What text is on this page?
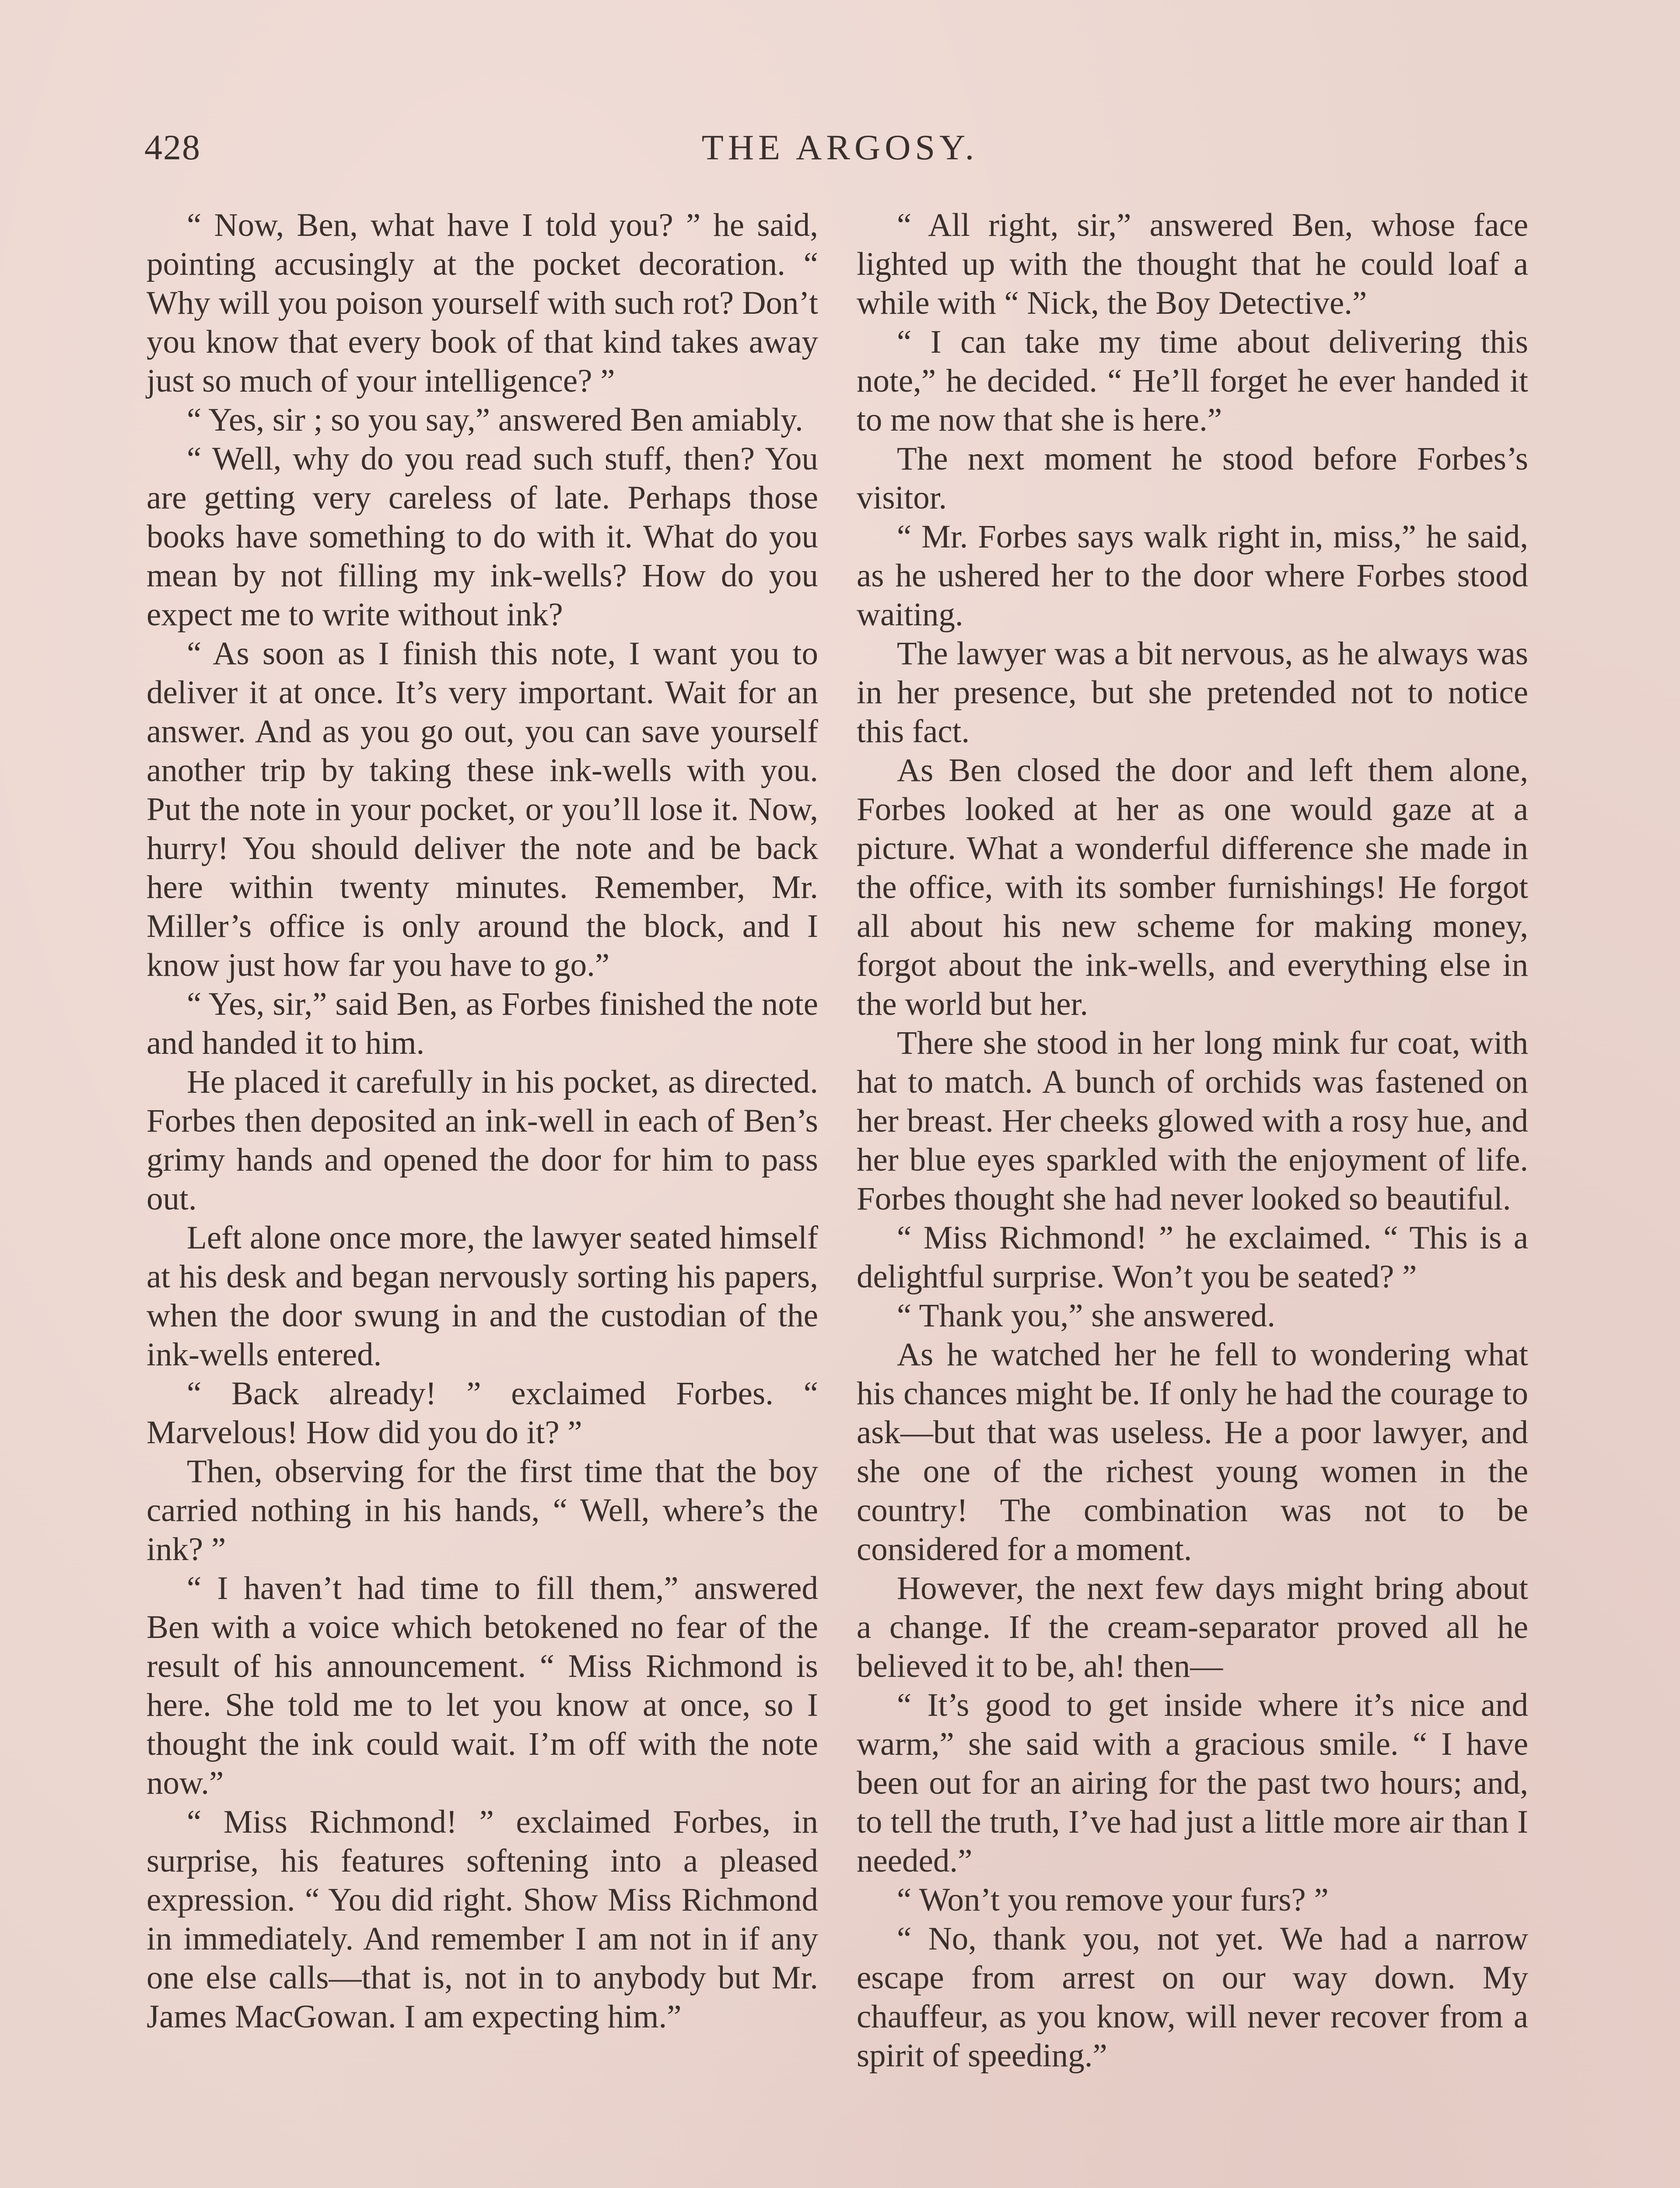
428	THE ARGOSY.

“ Now, Ben, what have I told you? ” he said, pointing accusingly at the pocket decoration. “ Why will you poison yourself with such rot? Don’t you know that every book of that kind takes away just so much of your intelligence? ”

“ Yes, sir ; so you say,” answered Ben amiably.

“ Well, why do you read such stuff, then? You are getting very careless of late. Perhaps those books have something to do with it. What do you mean by not filling my ink-wells? How do you expect me to write without ink?

“ As soon as I finish this note, I want you to deliver it at once. It’s very important. Wait for an answer. And as you go out, you can save yourself another trip by taking these ink-wells with you. Put the note in your pocket, or you’ll lose it. Now, hurry! You should deliver the note and be back here within twenty minutes. Remember, Mr. Miller’s office is only around the block, and I know just how far you have to go.”

“ Yes, sir,” said Ben, as Forbes finished the note and handed it to him.

He placed it carefully in his pocket, as directed. Forbes then deposited an ink-well in each of Ben’s grimy hands and opened the door for him to pass out.

Left alone once more, the lawyer seated himself at his desk and began nervously sorting his papers, when the door swung in and the custodian of the ink-wells entered.

“ Back already! ” exclaimed Forbes. “ Marvelous! How did you do it? ”

Then, observing for the first time that the boy carried nothing in his hands, “ Well, where’s the ink? ”

“ I haven’t had time to fill them,” answered Ben with a voice which betokened no fear of the result of his announcement. “ Miss Richmond is here. She told me to let you know at once, so I thought the ink could wait. I’m off with the note now.”

“ Miss Richmond! ” exclaimed Forbes, in surprise, his features softening into a pleased expression. “ You did right. Show Miss Richmond in immediately. And remember I am not in if any one else calls—that is, not in to anybody but Mr. James MacGowan. I am expecting him.”

“ All right, sir,” answered Ben, whose face lighted up with the thought that he could loaf a while with “ Nick, the Boy Detective.”

“ I can take my time about delivering this note,” he decided. “ He’ll forget he ever handed it to me now that she is here.”

The next moment he stood before Forbes’s visitor.

“ Mr. Forbes says walk right in, miss,” he said, as he ushered her to the door where Forbes stood waiting.

The lawyer was a bit nervous, as he always was in her presence, but she pretended not to notice this fact.

As Ben closed the door and left them alone, Forbes looked at her as one would gaze at a picture. What a wonderful difference she made in the office, with its somber furnishings! He forgot all about his new scheme for making money, forgot about the ink-wells, and everything else in the world but her.

There she stood in her long mink fur coat, with hat to match. A bunch of orchids was fastened on her breast. Her cheeks glowed with a rosy hue, and her blue eyes sparkled with the enjoyment of life. Forbes thought she had never looked so beautiful.

“ Miss Richmond! ” he exclaimed. “ This is a delightful surprise. Won’t you be seated? ”

“ Thank you,” she answered.

As he watched her he fell to wondering what his chances might be. If only he had the courage to ask—but that was useless. He a poor lawyer, and she one of the richest young women in the country! The combination was not to be considered for a moment.

However, the next few days might bring about a change. If the cream-separator proved all he believed it to be, ah! then—

“ It’s good to get inside where it’s nice and warm,” she said with a gracious smile. “ I have been out for an airing for the past two hours; and, to tell the truth, I’ve had just a little more air than I needed.”

“ Won’t you remove your furs? ”

“ No, thank you, not yet. We had a narrow escape from arrest on our way down. My chauffeur, as you know, will never recover from a spirit of speeding.”
